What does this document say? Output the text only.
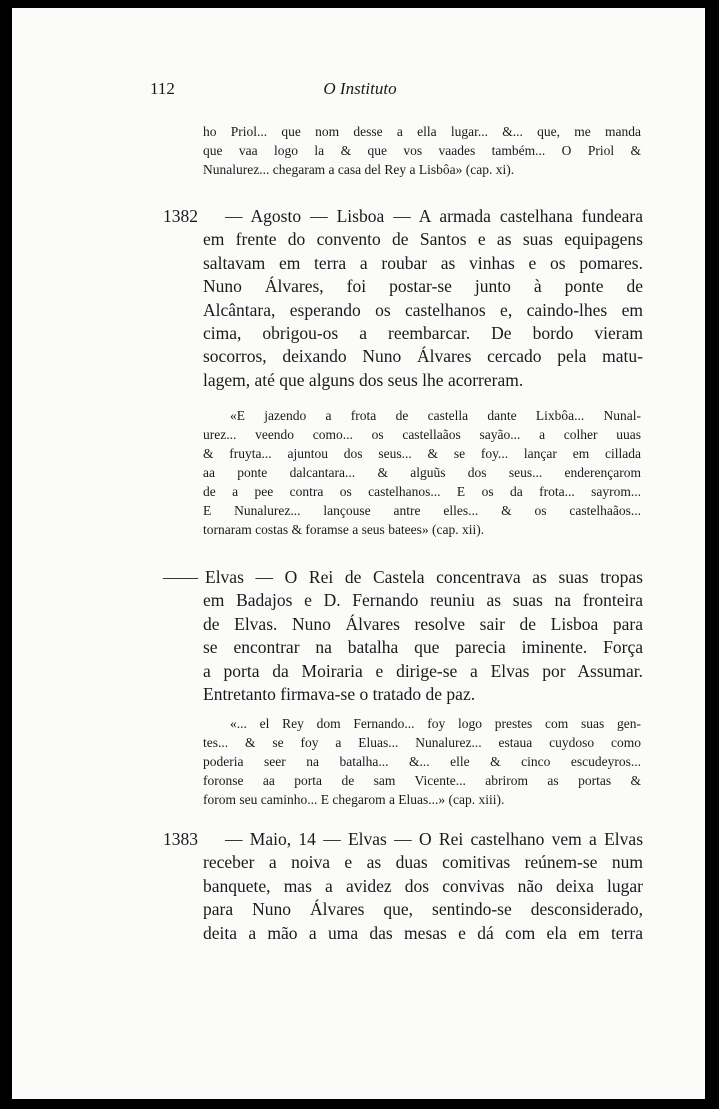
112	O Instituto
ho Priol... que nom desse a ella lugar... &... que, me manda
que vaa logo la & que vos vaades também... O Priol &
Nunalurez... chegaram a casa del Rey a Lisbôa» (cap. xi).
1382 — Agosto — Lisboa — A armada castelhana fundeara
em frente do convento de Santos e as suas equipagens
saltavam em terra a roubar as vinhas e os pomares.
Nuno Álvares, foi postar-se junto à ponte de
Alcântara, esperando os castelhanos e, caindo-lhes em
cima, obrigou-os a reembarcar. De bordo vieram
socorros, deixando Nuno Álvares cercado pela matu-
lagem, até que alguns dos seus lhe acorreram.
«E jazendo a frota de castella dante Lixbôa... Nunal-
urez... veendo como... os castellaãos sayão... a colher uuas
& fruyta... ajuntou dos seus... & se foy... lançar em cillada
aa ponte dalcantara... & alguũs dos seus... enderençarom
de a pee contra os castelhanos... E os da frota... sayrom...
E Nunalurez... lançouse antre elles... & os castelhaãos...
tornaram costas & foramse a seus batees» (cap. xii).
—— Elvas — O Rei de Castela concentrava as suas tropas
em Badajos e D. Fernando reuniu as suas na fronteira
de Elvas. Nuno Álvares resolve sair de Lisboa para
se encontrar na batalha que parecia iminente. Força
a porta da Moiraria e dirige-se a Elvas por Assumar.
Entretanto firmava-se o tratado de paz.
«... el Rey dom Fernando... foy logo prestes com suas gen-
tes... & se foy a Eluas... Nunalurez... estaua cuydoso como
poderia seer na batalha... &... elle & cinco escudeyros...
foronse aa porta de sam Vicente... abrirom as portas &
forom seu caminho... E chegarom a Eluas...» (cap. xiii).
1383 — Maio, 14 — Elvas — O Rei castelhano vem a Elvas
receber a noiva e as duas comitivas reúnem-se num
banquete, mas a avidez dos convivas não deixa lugar
para Nuno Álvares que, sentindo-se desconsiderado,
deita a mão a uma das mesas e dá com ela em terra
